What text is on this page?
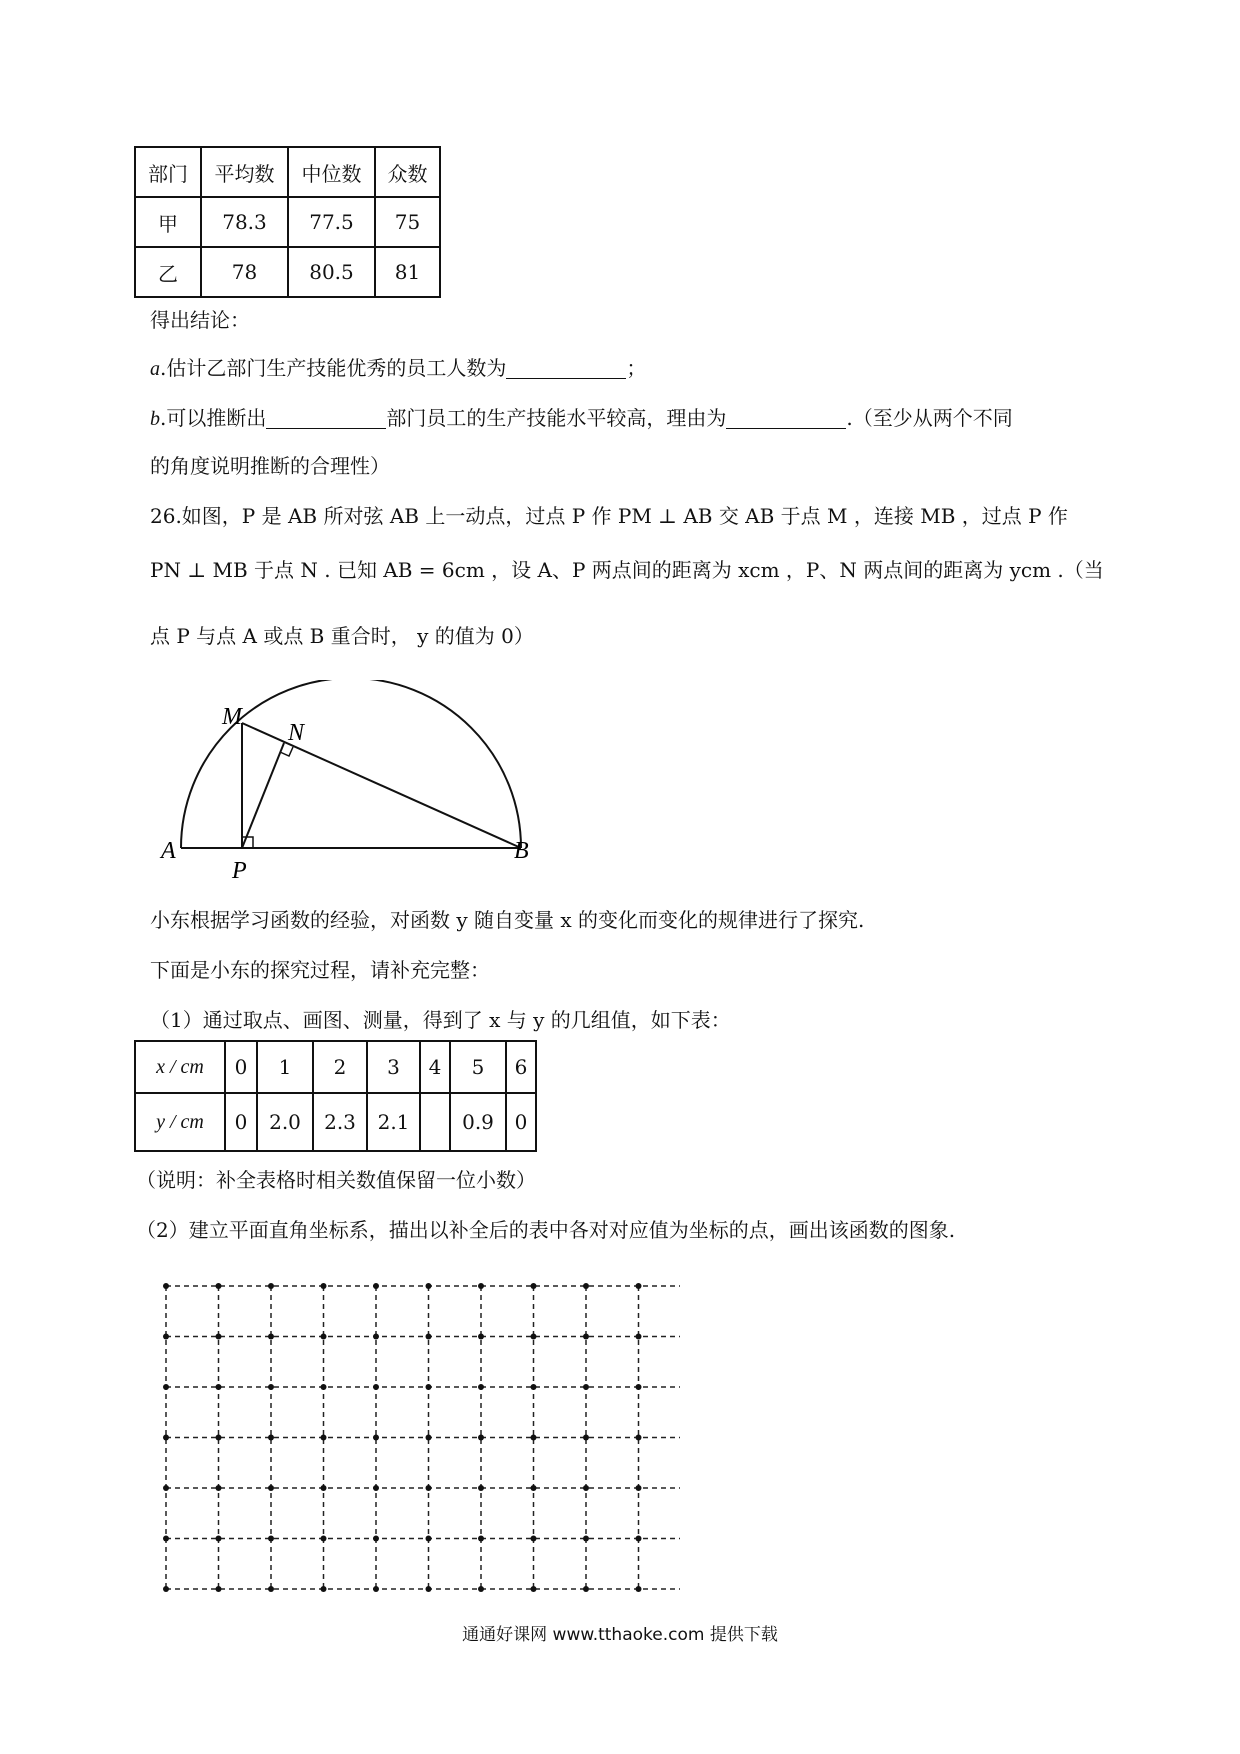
部门	平均数	中位数	众数
甲	78.3	77.5	75
乙	78	80.5	81
得出结论：
a.估计乙部门生产技能优秀的员工人数为	；
b.可以推断出	部门员工的生产技能水平较高，理由为	.（至少从两个不同
的角度说明推断的合理性）
26.如图，P 是 AB 所对弦 AB 上一动点，过点 P 作 PM ⊥ AB 交 AB 于点 M ，连接 MB ，过点 P 作
PN ⊥ MB 于点 N . 已知 AB = 6cm ，设 A、P 两点间的距离为 xcm ，P、N 两点间的距离为 ycm .（当
点 P 与点 A 或点 B 重合时， y 的值为 0）
M
N
A
P
B
小东根据学习函数的经验，对函数 y 随自变量 x 的变化而变化的规律进行了探究.
下面是小东的探究过程，请补充完整：
（1）通过取点、画图、测量，得到了 x 与 y 的几组值，如下表：
x / cm	0	1	2	3	4	5	6
y / cm	0	2.0	2.3	2.1		0.9	0
（说明：补全表格时相关数值保留一位小数）
（2）建立平面直角坐标系，描出以补全后的表中各对对应值为坐标的点，画出该函数的图象.
通通好课网 www.tthaoke.com 提供下载
